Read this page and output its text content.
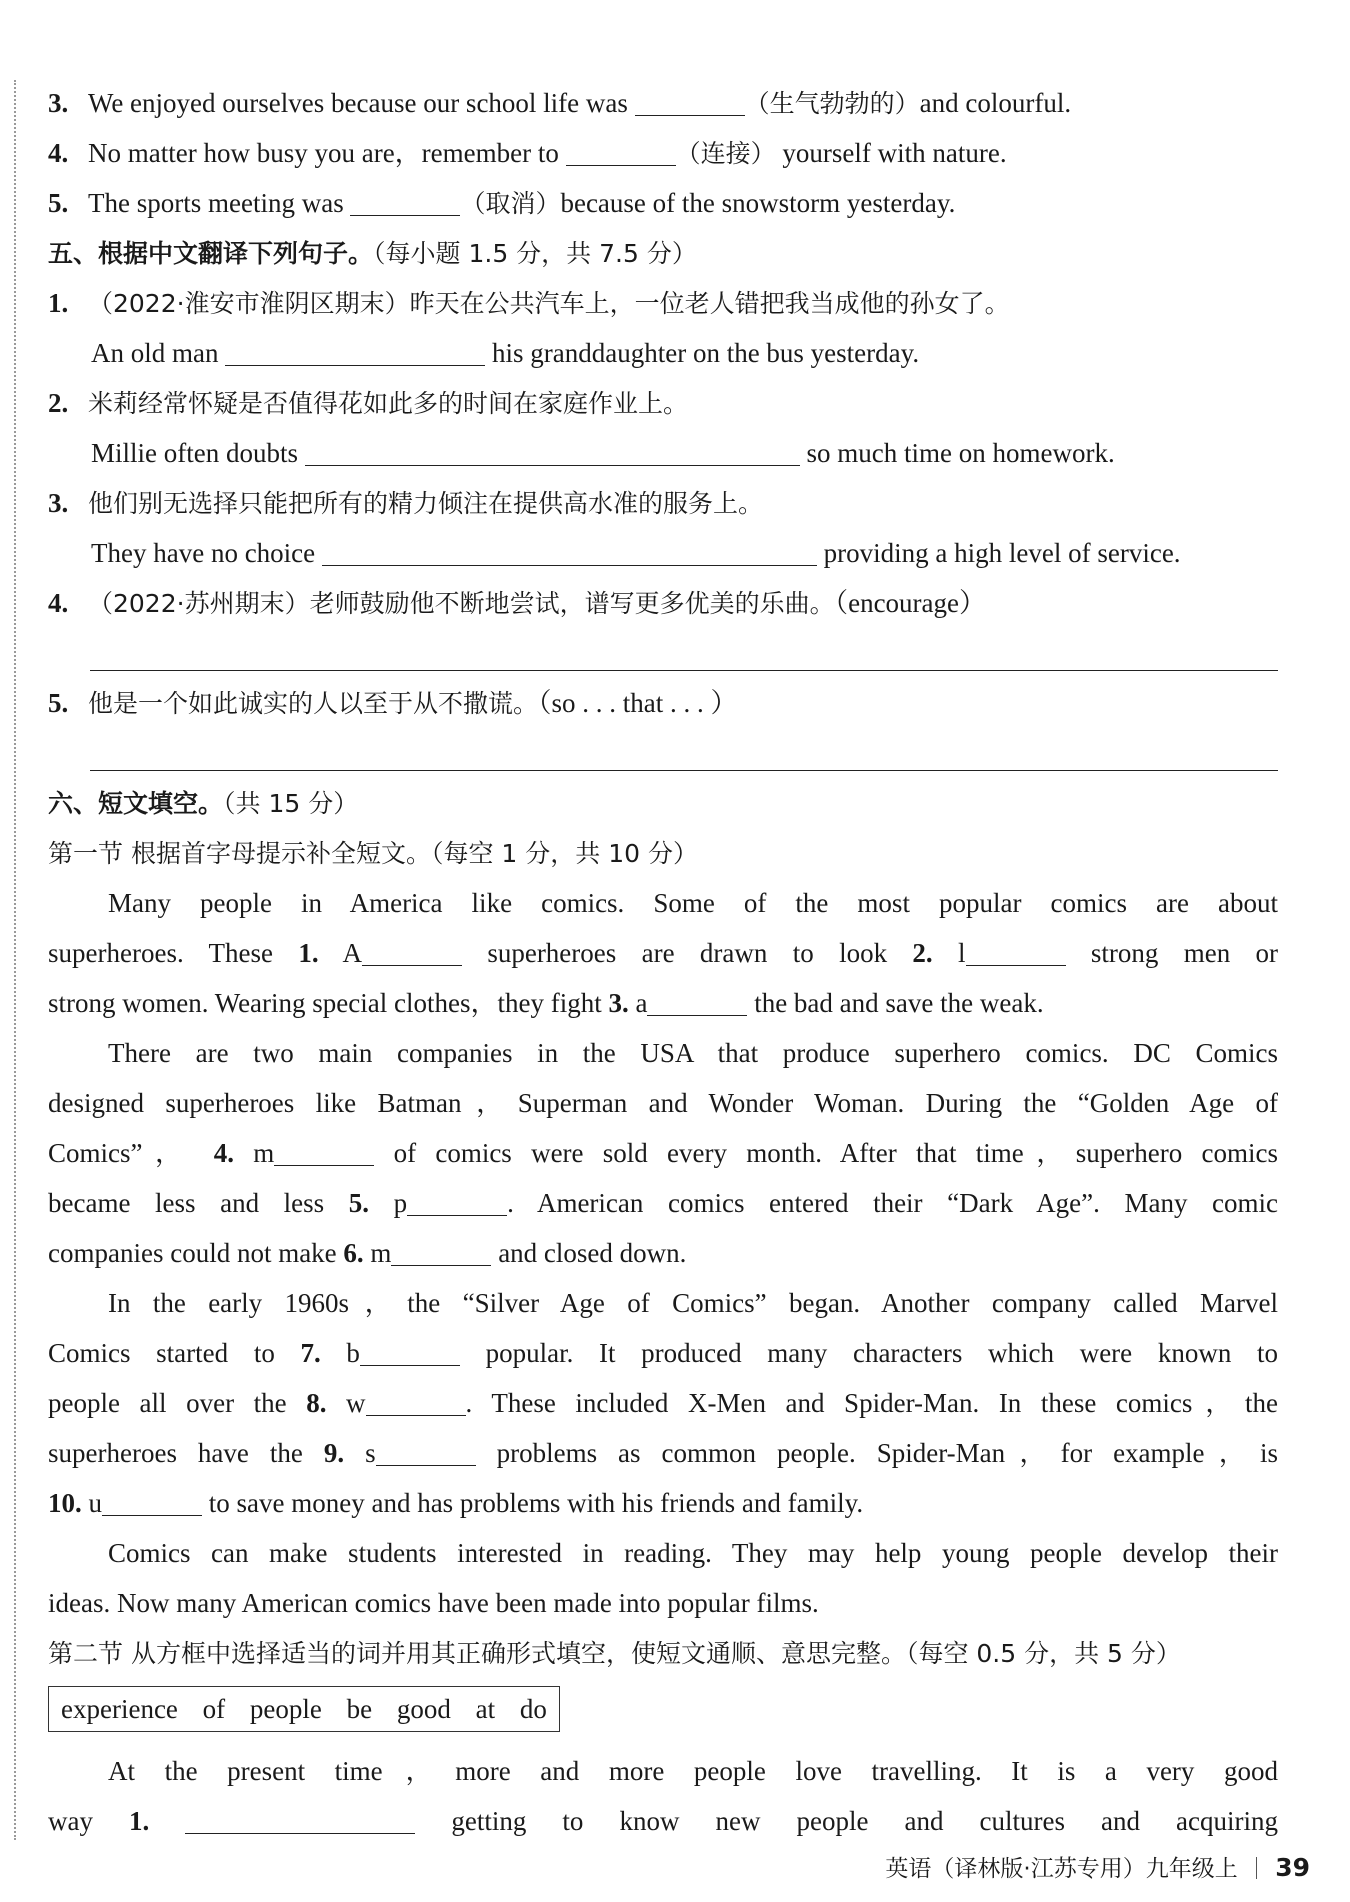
3. We enjoyed ourselves because our school life was	（生气勃勃的）and colourful.
4. No matter how busy you are，remember to	（连接） yourself with nature.
5. The sports meeting was	（取消）because of the snowstorm yesterday.
五、根据中文翻译下列句子。（每小题 1.5 分，共 7.5 分）
1. （2022·淮安市淮阴区期末）昨天在公共汽车上，一位老人错把我当成他的孙女了。
An old man	his granddaughter on the bus yesterday.
2. 米莉经常怀疑是否值得花如此多的时间在家庭作业上。
Millie often doubts	so much time on homework.
3. 他们别无选择只能把所有的精力倾注在提供高水准的服务上。
They have no choice	providing a high level of service.
4. （2022·苏州期末）老师鼓励他不断地尝试，谱写更多优美的乐曲。（encourage）
5. 他是一个如此诚实的人以至于从不撒谎。（so . . . that . . . ）
六、短文填空。（共 15 分）
第一节 根据首字母提示补全短文。（每空 1 分，共 10 分）
Many people in America like comics. Some of the most popular comics are about
superheroes. These 1. A	superheroes are drawn to look 2. l	strong men or
strong women. Wearing special clothes，they fight 3. a	the bad and save the weak.
There are two main companies in the USA that produce superhero comics. DC Comics
designed superheroes like Batman，Superman and Wonder Woman. During the “Golden Age of
Comics”， 4. m	of comics were sold every month. After that time，superhero comics
became less and less 5. p	. American comics entered their “Dark Age”. Many comic
companies could not make 6. m	and closed down.
In the early 1960s，the “Silver Age of Comics” began. Another company called Marvel
Comics started to 7. b	popular. It produced many characters which were known to
people all over the 8. w	. These included X-Men and Spider-Man. In these comics，the
superheroes have the 9. s	problems as common people. Spider-Man，for example，is
10. u	to save money and has problems with his friends and family.
Comics can make students interested in reading. They may help young people develop their
ideas. Now many American comics have been made into popular films.
第二节 从方框中选择适当的词并用其正确形式填空，使短文通顺、意思完整。（每空 0.5 分，共 5 分）
experience of people be good at do
At the present time，more and more people love travelling. It is a very good
way 1.	getting to know new people and cultures and acquiring
英语（译林版·江苏专用）九年级上 39
